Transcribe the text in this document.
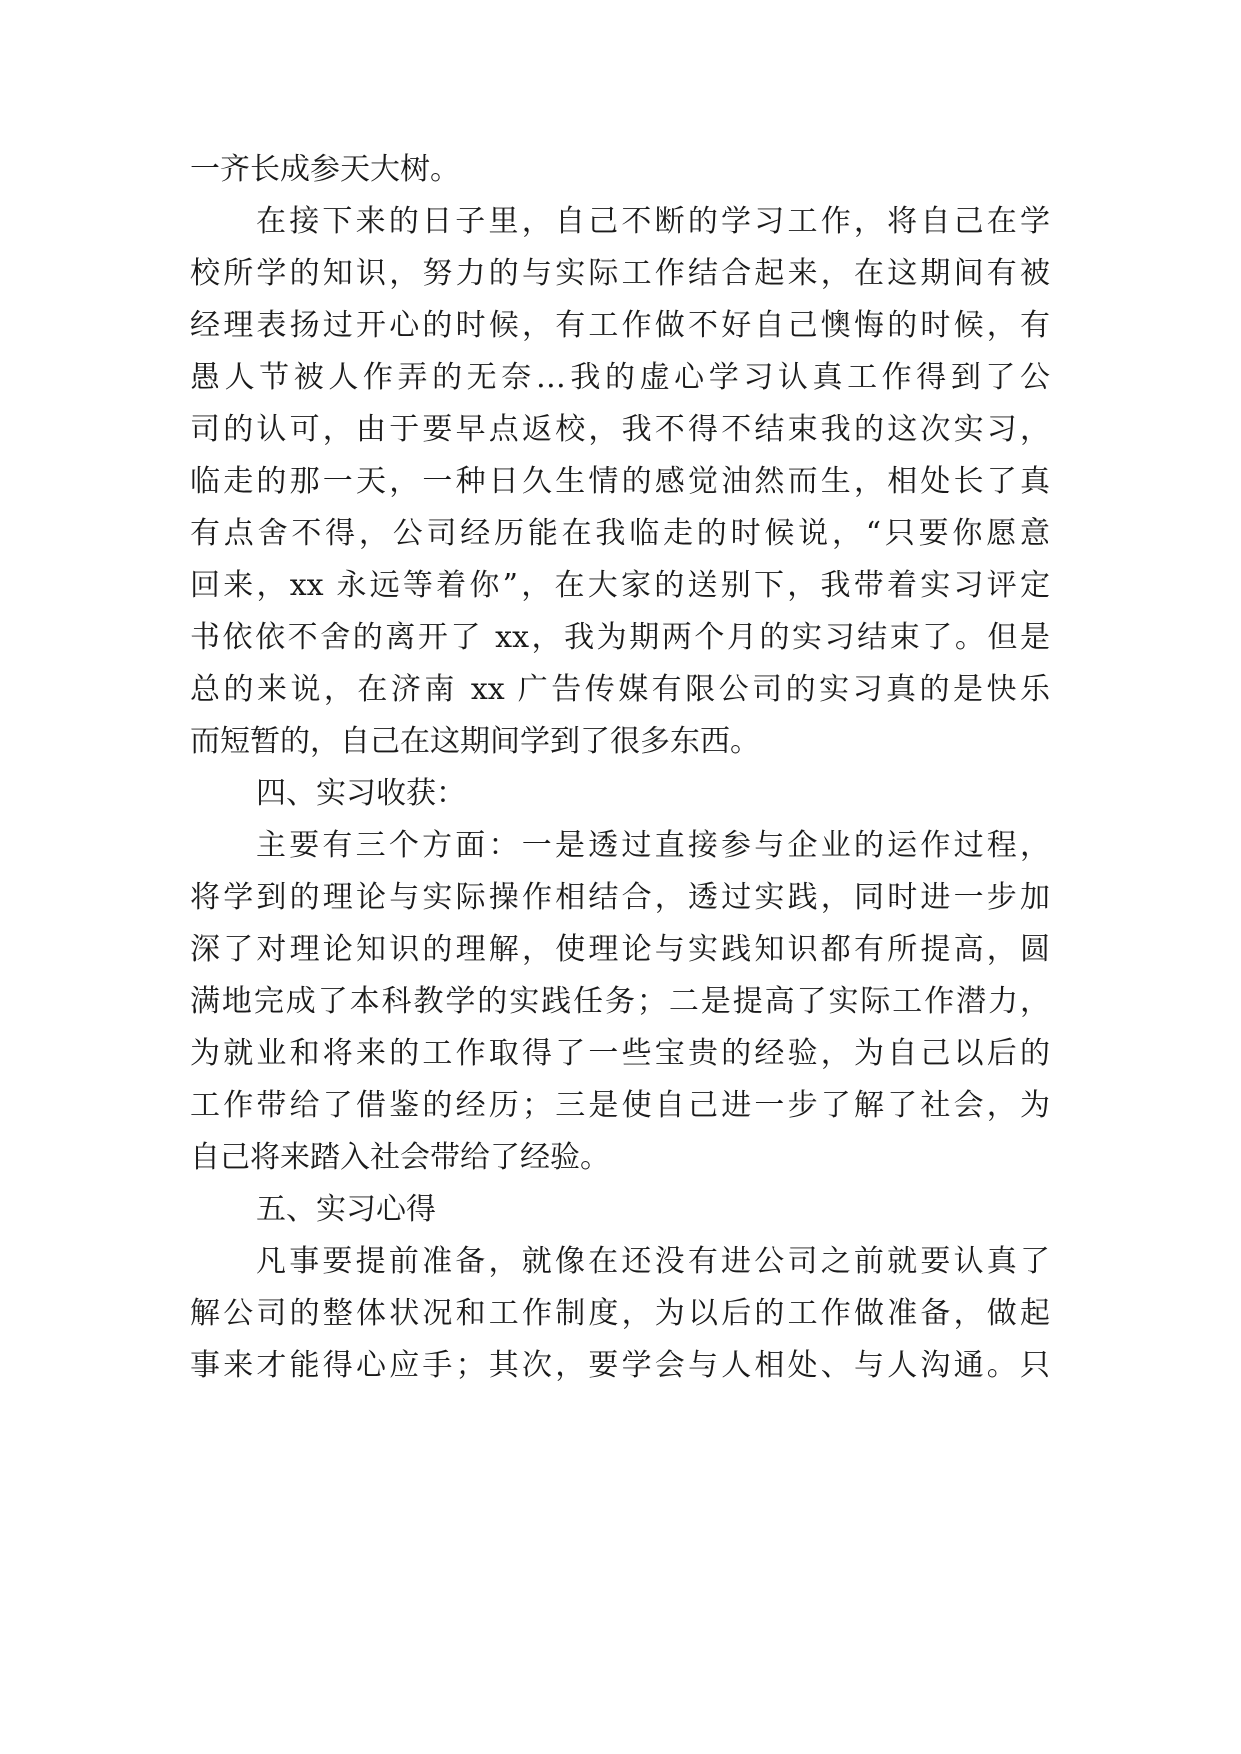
一齐长成参天大树。
在接下来的日子里，自己不断的学习工作，将自己在学
校所学的知识，努力的与实际工作结合起来，在这期间有被
经理表扬过开心的时候，有工作做不好自己懊悔的时候，有
愚人节被人作弄的无奈…我的虚心学习认真工作得到了公
司的认可，由于要早点返校，我不得不结束我的这次实习，
临走的那一天，一种日久生情的感觉油然而生，相处长了真
有点舍不得，公司经历能在我临走的时候说，“只要你愿意
回来，xx 永远等着你”，在大家的送别下，我带着实习评定
书依依不舍的离开了 xx，我为期两个月的实习结束了。但是
总的来说，在济南 xx 广告传媒有限公司的实习真的是快乐
而短暂的，自己在这期间学到了很多东西。
四、实习收获：
主要有三个方面：一是透过直接参与企业的运作过程，
将学到的理论与实际操作相结合，透过实践，同时进一步加
深了对理论知识的理解，使理论与实践知识都有所提高，圆
满地完成了本科教学的实践任务；二是提高了实际工作潜力，
为就业和将来的工作取得了一些宝贵的经验，为自己以后的
工作带给了借鉴的经历；三是使自己进一步了解了社会，为
自己将来踏入社会带给了经验。
五、实习心得
凡事要提前准备，就像在还没有进公司之前就要认真了
解公司的整体状况和工作制度，为以后的工作做准备，做起
事来才能得心应手；其次，要学会与人相处、与人沟通。只
